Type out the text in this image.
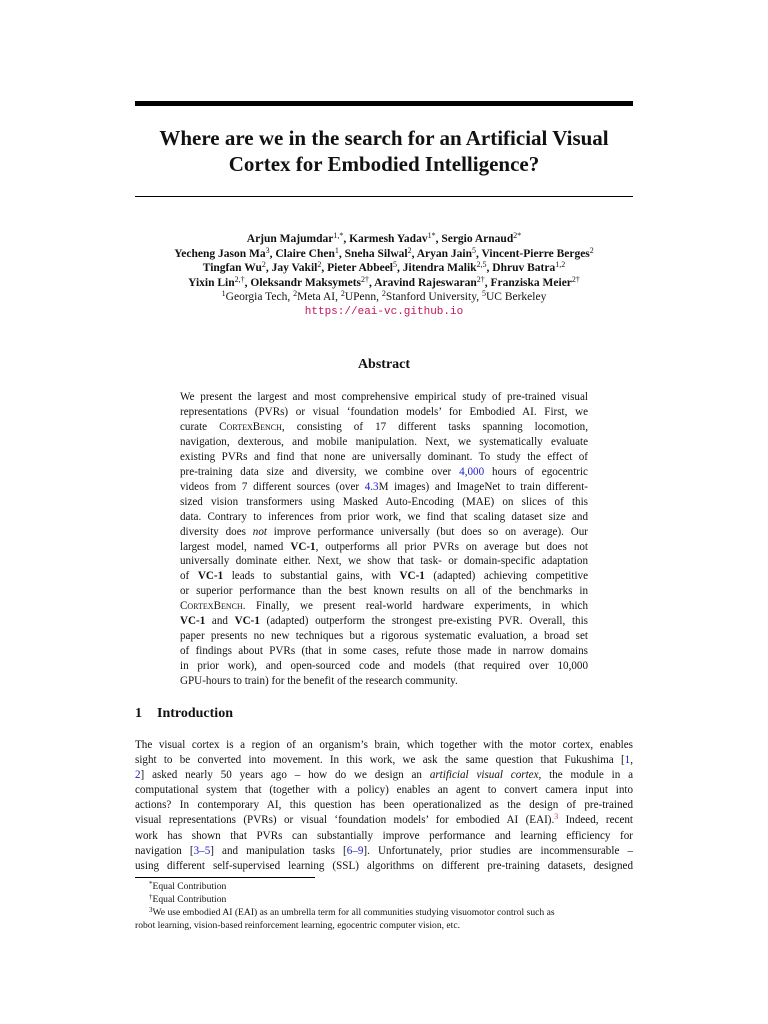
Where are we in the search for an Artificial Visual
Cortex for Embodied Intelligence?
Arjun Majumdar$^{1,*}$, Karmesh Yadav$^{1*}$, Sergio Arnaud$^{2*}$
Yecheng Jason Ma$^3$, Claire Chen$^1$, Sneha Silwal$^2$, Aryan Jain$^5$, Vincent-Pierre Berges$^2$
Tingfan Wu$^2$, Jay Vakil$^2$, Pieter Abbeel$^5$, Jitendra Malik$^{2,5}$, Dhruv Batra$^{1,2}$
Yixin Lin$^{2,\dagger}$, Oleksandr Maksymets$^{2\dagger}$, Aravind Rajeswaran$^{2\dagger}$, Franziska Meier$^{2\dagger}$
$^1$Georgia Tech, $^2$Meta AI, $^2$UPenn, $^2$Stanford University, $^5$UC Berkeley
https://eai-vc.github.io
Abstract
We present the largest and most comprehensive empirical study of pre-trained visual
representations (PVRs) or visual ‘foundation models’ for Embodied AI. First, we
curate CortexBench, consisting of 17 different tasks spanning locomotion,
navigation, dexterous, and mobile manipulation. Next, we systematically evaluate
existing PVRs and find that none are universally dominant. To study the effect of
pre-training data size and diversity, we combine over 4,000 hours of egocentric
videos from 7 different sources (over 4.3M images) and ImageNet to train different-
sized vision transformers using Masked Auto-Encoding (MAE) on slices of this
data. Contrary to inferences from prior work, we find that scaling dataset size and
diversity does not improve performance universally (but does so on average). Our
largest model, named VC-1, outperforms all prior PVRs on average but does not
universally dominate either. Next, we show that task- or domain-specific adaptation
of VC-1 leads to substantial gains, with VC-1 (adapted) achieving competitive
or superior performance than the best known results on all of the benchmarks in
CortexBench. Finally, we present real-world hardware experiments, in which
VC-1 and VC-1 (adapted) outperform the strongest pre-existing PVR. Overall, this
paper presents no new techniques but a rigorous systematic evaluation, a broad set
of findings about PVRs (that in some cases, refute those made in narrow domains
in prior work), and open-sourced code and models (that required over 10,000
GPU-hours to train) for the benefit of the research community.
1 Introduction
The visual cortex is a region of an organism’s brain, which together with the motor cortex, enables
sight to be converted into movement. In this work, we ask the same question that Fukushima [1,
2] asked nearly 50 years ago – how do we design an artificial visual cortex, the module in a
computational system that (together with a policy) enables an agent to convert camera input into
actions? In contemporary AI, this question has been operationalized as the design of pre-trained
visual representations (PVRs) or visual ‘foundation models’ for embodied AI (EAI).$^3$ Indeed, recent
work has shown that PVRs can substantially improve performance and learning efficiency for
navigation [3–5] and manipulation tasks [6–9]. Unfortunately, prior studies are incommensurable –
using different self-supervised learning (SSL) algorithms on different pre-training datasets, designed
*Equal Contribution
†Equal Contribution
$^3$We use embodied AI (EAI) as an umbrella term for all communities studying visuomotor control such as
robot learning, vision-based reinforcement learning, egocentric computer vision, etc.
